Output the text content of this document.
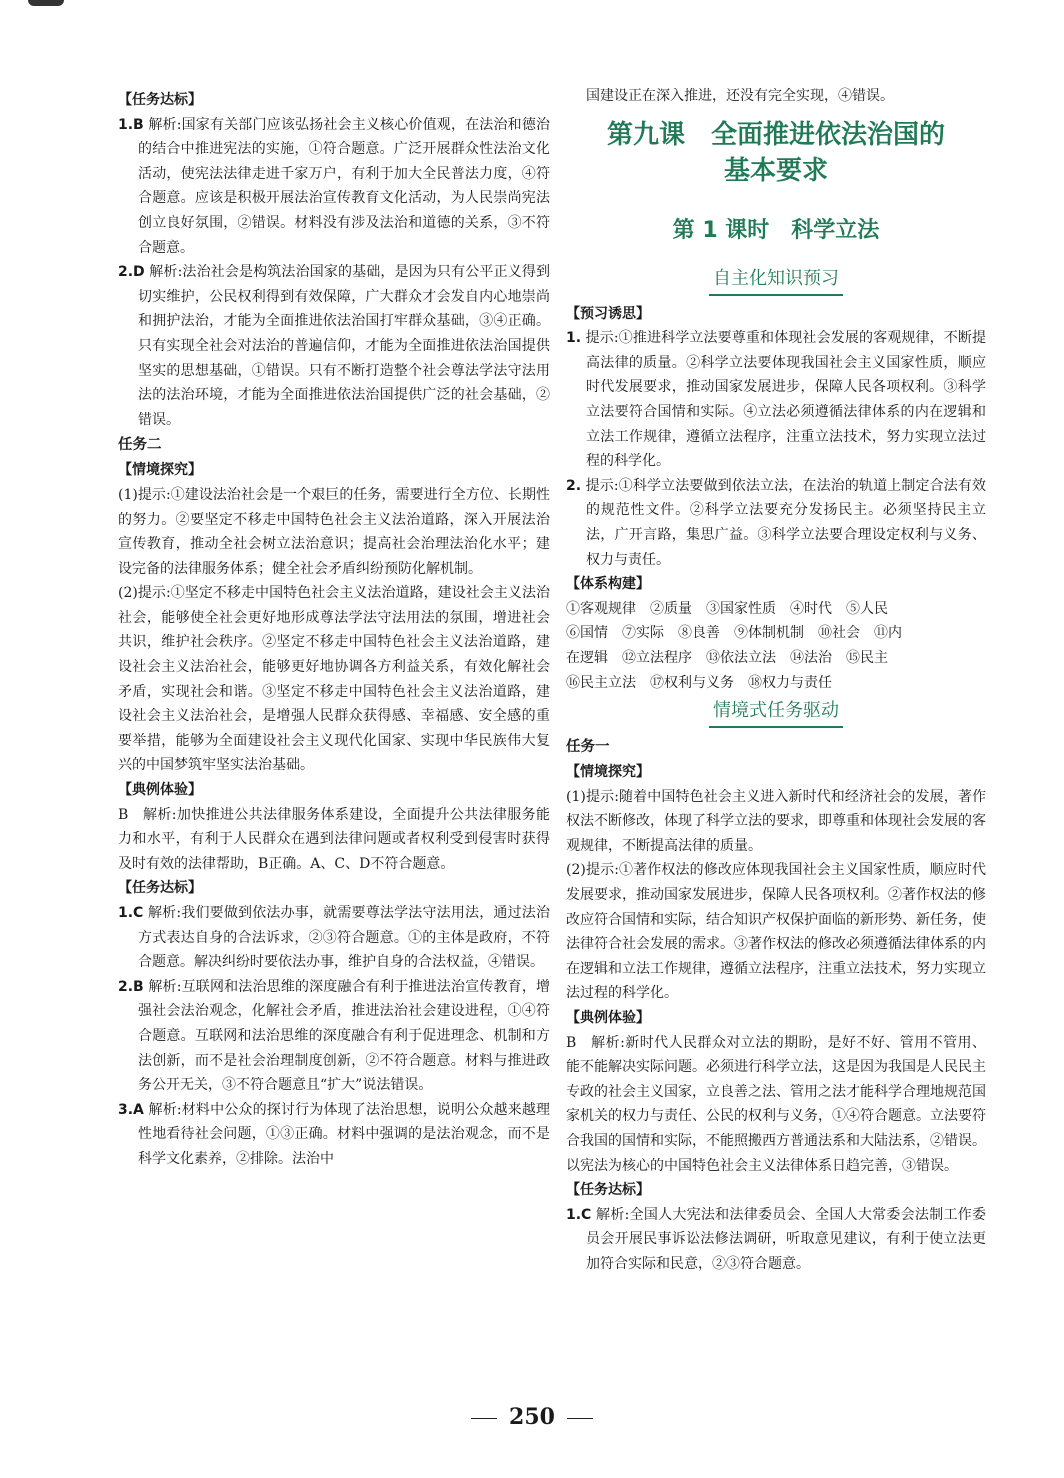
【任务达标】

1.B 解析:国家有关部门应该弘扬社会主义核心价值观，在法治和德治的结合中推进宪法的实施，①符合题意。广泛开展群众性法治文化活动，使宪法法律走进千家万户，有利于加大全民普法力度，④符合题意。应该是积极开展法治宣传教育文化活动，为人民崇尚宪法创立良好氛围，②错误。材料没有涉及法治和道德的关系，③不符合题意。

2.D 解析:法治社会是构筑法治国家的基础，是因为只有公平正义得到切实维护，公民权利得到有效保障，广大群众才会发自内心地崇尚和拥护法治，才能为全面推进依法治国打牢群众基础，③④正确。只有实现全社会对法治的普遍信仰，才能为全面推进依法治国提供坚实的思想基础，①错误。只有不断打造整个社会尊法学法守法用法的法治环境，才能为全面推进依法治国提供广泛的社会基础，②错误。

任务二
【情境探究】

(1)提示:①建设法治社会是一个艰巨的任务，需要进行全方位、长期性的努力。②要坚定不移走中国特色社会主义法治道路，深入开展法治宣传教育，推动全社会树立法治意识；提高社会治理法治化水平；建设完备的法律服务体系；健全社会矛盾纠纷预防化解机制。

(2)提示:①坚定不移走中国特色社会主义法治道路，建设社会主义法治社会，能够使全社会更好地形成尊法学法守法用法的氛围，增进社会共识，维护社会秩序。②坚定不移走中国特色社会主义法治道路，建设社会主义法治社会，能够更好地协调各方利益关系，有效化解社会矛盾，实现社会和谐。③坚定不移走中国特色社会主义法治道路，建设社会主义法治社会，是增强人民群众获得感、幸福感、安全感的重要举措，能够为全面建设社会主义现代化国家、实现中华民族伟大复兴的中国梦筑牢坚实法治基础。

【典例体验】

B　解析:加快推进公共法律服务体系建设，全面提升公共法律服务能力和水平，有利于人民群众在遇到法律问题或者权利受到侵害时获得及时有效的法律帮助，B正确。A、C、D不符合题意。

【任务达标】

1.C 解析:我们要做到依法办事，就需要尊法学法守法用法，通过法治方式表达自身的合法诉求，②③符合题意。①的主体是政府，不符合题意。解决纠纷时要依法办事，维护自身的合法权益，④错误。

2.B 解析:互联网和法治思维的深度融合有利于推进法治宣传教育，增强社会法治观念，化解社会矛盾，推进法治社会建设进程，①④符合题意。互联网和法治思维的深度融合有利于促进理念、机制和方法创新，而不是社会治理制度创新，②不符合题意。材料与推进政务公开无关，③不符合题意且“扩大”说法错误。

3.A 解析:材料中公众的探讨行为体现了法治思想，说明公众越来越理性地看待社会问题，①③正确。材料中强调的是法治观念，而不是科学文化素养，②排除。法治中

国建设正在深入推进，还没有完全实现，④错误。

第九课　全面推进依法治国的
基本要求
第 1 课时　科学立法
自主化知识预习
【预习诱思】

1. 提示:①推进科学立法要尊重和体现社会发展的客观规律，不断提高法律的质量。②科学立法要体现我国社会主义国家性质，顺应时代发展要求，推动国家发展进步，保障人民各项权利。③科学立法要符合国情和实际。④立法必须遵循法律体系的内在逻辑和立法工作规律，遵循立法程序，注重立法技术，努力实现立法过程的科学化。

2. 提示:①科学立法要做到依法立法，在法治的轨道上制定合法有效的规范性文件。②科学立法要充分发扬民主。必须坚持民主立法，广开言路，集思广益。③科学立法要合理设定权利与义务、权力与责任。

【体系构建】
①客观规律　②质量　③国家性质　④时代　⑤人民
⑥国情　⑦实际　⑧良善　⑨体制机制　⑩社会　⑪内
在逻辑　⑫立法程序　⑬依法立法　⑭法治　⑮民主
⑯民主立法　⑰权利与义务　⑱权力与责任
情境式任务驱动
任务一
【情境探究】

(1)提示:随着中国特色社会主义进入新时代和经济社会的发展，著作权法不断修改，体现了科学立法的要求，即尊重和体现社会发展的客观规律，不断提高法律的质量。

(2)提示:①著作权法的修改应体现我国社会主义国家性质，顺应时代发展要求，推动国家发展进步，保障人民各项权利。②著作权法的修改应符合国情和实际，结合知识产权保护面临的新形势、新任务，使法律符合社会发展的需求。③著作权法的修改必须遵循法律体系的内在逻辑和立法工作规律，遵循立法程序，注重立法技术，努力实现立法过程的科学化。

【典例体验】

B　解析:新时代人民群众对立法的期盼，是好不好、管用不管用、能不能解决实际问题。必须进行科学立法，这是因为我国是人民民主专政的社会主义国家，立良善之法、管用之法才能科学合理地规范国家机关的权力与责任、公民的权利与义务，①④符合题意。立法要符合我国的国情和实际，不能照搬西方普通法系和大陆法系，②错误。以宪法为核心的中国特色社会主义法律体系日趋完善，③错误。

【任务达标】

1.C 解析:全国人大宪法和法律委员会、全国人大常委会法制工作委员会开展民事诉讼法修法调研，听取意见建议，有利于使立法更加符合实际和民意，②③符合题意。

250
